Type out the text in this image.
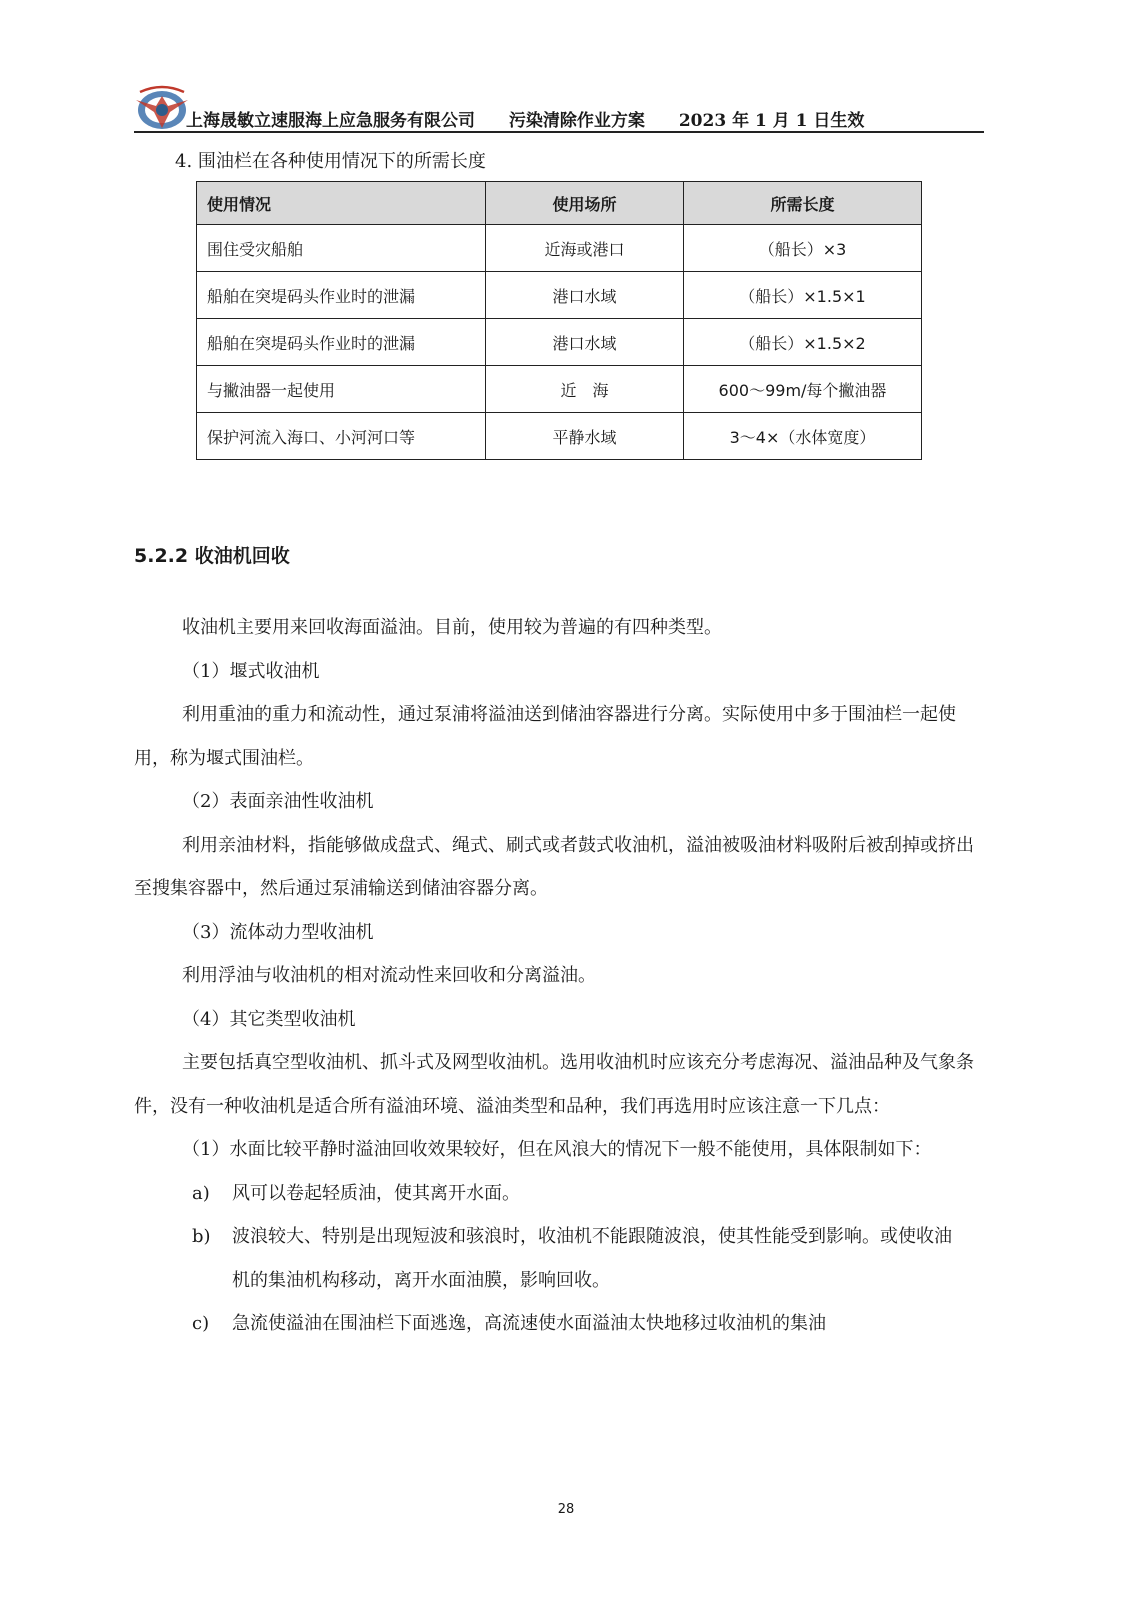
上海晟敏立速服海上应急服务有限公司 污染清除作业方案 2023 年 1 月 1 日生效
4. 围油栏在各种使用情况下的所需长度
使用情况	使用场所	所需长度
围住受灾船舶	近海或港口	（船长）×3
船舶在突堤码头作业时的泄漏	港口水域	（船长）×1.5×1
船舶在突堤码头作业时的泄漏	港口水域	（船长）×1.5×2
与撇油器一起使用	近　海	600～99m/每个撇油器
保护河流入海口、小河河口等	平静水域	3～4×（水体宽度）
5.2.2 收油机回收

收油机主要用来回收海面溢油。目前，使用较为普遍的有四种类型。

（1）堰式收油机

利用重油的重力和流动性，通过泵浦将溢油送到储油容器进行分离。实际使用中多于围油栏一起使用，称为堰式围油栏。

（2）表面亲油性收油机

利用亲油材料，指能够做成盘式、绳式、刷式或者鼓式收油机，溢油被吸油材料吸附后被刮掉或挤出至搜集容器中，然后通过泵浦输送到储油容器分离。

（3）流体动力型收油机

利用浮油与收油机的相对流动性来回收和分离溢油。

（4）其它类型收油机

主要包括真空型收油机、抓斗式及网型收油机。选用收油机时应该充分考虑海况、溢油品种及气象条件，没有一种收油机是适合所有溢油环境、溢油类型和品种，我们再选用时应该注意一下几点：

（1）水面比较平静时溢油回收效果较好，但在风浪大的情况下一般不能使用，具体限制如下：

a)	风可以卷起轻质油，使其离开水面。
b)	波浪较大、特别是出现短波和骇浪时，收油机不能跟随波浪，使其性能受到影响。或使收油机的集油机构移动，离开水面油膜，影响回收。
c)	急流使溢油在围油栏下面逃逸，高流速使水面溢油太快地移过收油机的集油
28
